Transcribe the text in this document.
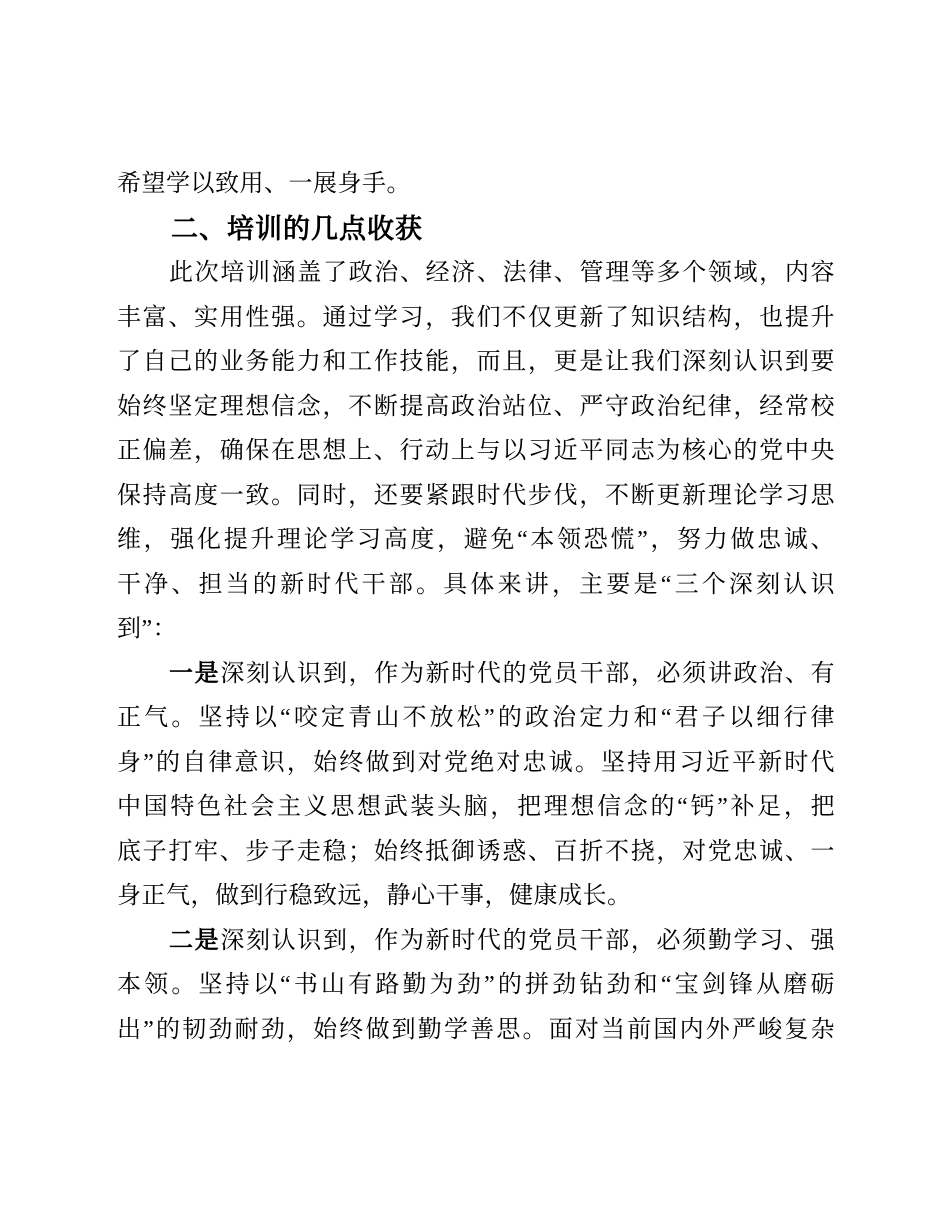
希望学以致用、一展身手。
二、培训的几点收获
此次培训涵盖了政治、经济、法律、管理等多个领域，内容
丰富、实用性强。通过学习，我们不仅更新了知识结构，也提升
了自己的业务能力和工作技能，而且，更是让我们深刻认识到要
始终坚定理想信念，不断提高政治站位、严守政治纪律，经常校
正偏差，确保在思想上、行动上与以习近平同志为核心的党中央
保持高度一致。同时，还要紧跟时代步伐，不断更新理论学习思
维，强化提升理论学习高度，避免“本领恐慌”，努力做忠诚、
干净、担当的新时代干部。具体来讲，主要是“三个深刻认识
到”：
一是深刻认识到，作为新时代的党员干部，必须讲政治、有
正气。坚持以“咬定青山不放松”的政治定力和“君子以细行律
身”的自律意识，始终做到对党绝对忠诚。坚持用习近平新时代
中国特色社会主义思想武装头脑，把理想信念的“钙”补足，把
底子打牢、步子走稳；始终抵御诱惑、百折不挠，对党忠诚、一
身正气，做到行稳致远，静心干事，健康成长。
二是深刻认识到，作为新时代的党员干部，必须勤学习、强
本领。坚持以“书山有路勤为劲”的拼劲钻劲和“宝剑锋从磨砺
出”的韧劲耐劲，始终做到勤学善思。面对当前国内外严峻复杂
